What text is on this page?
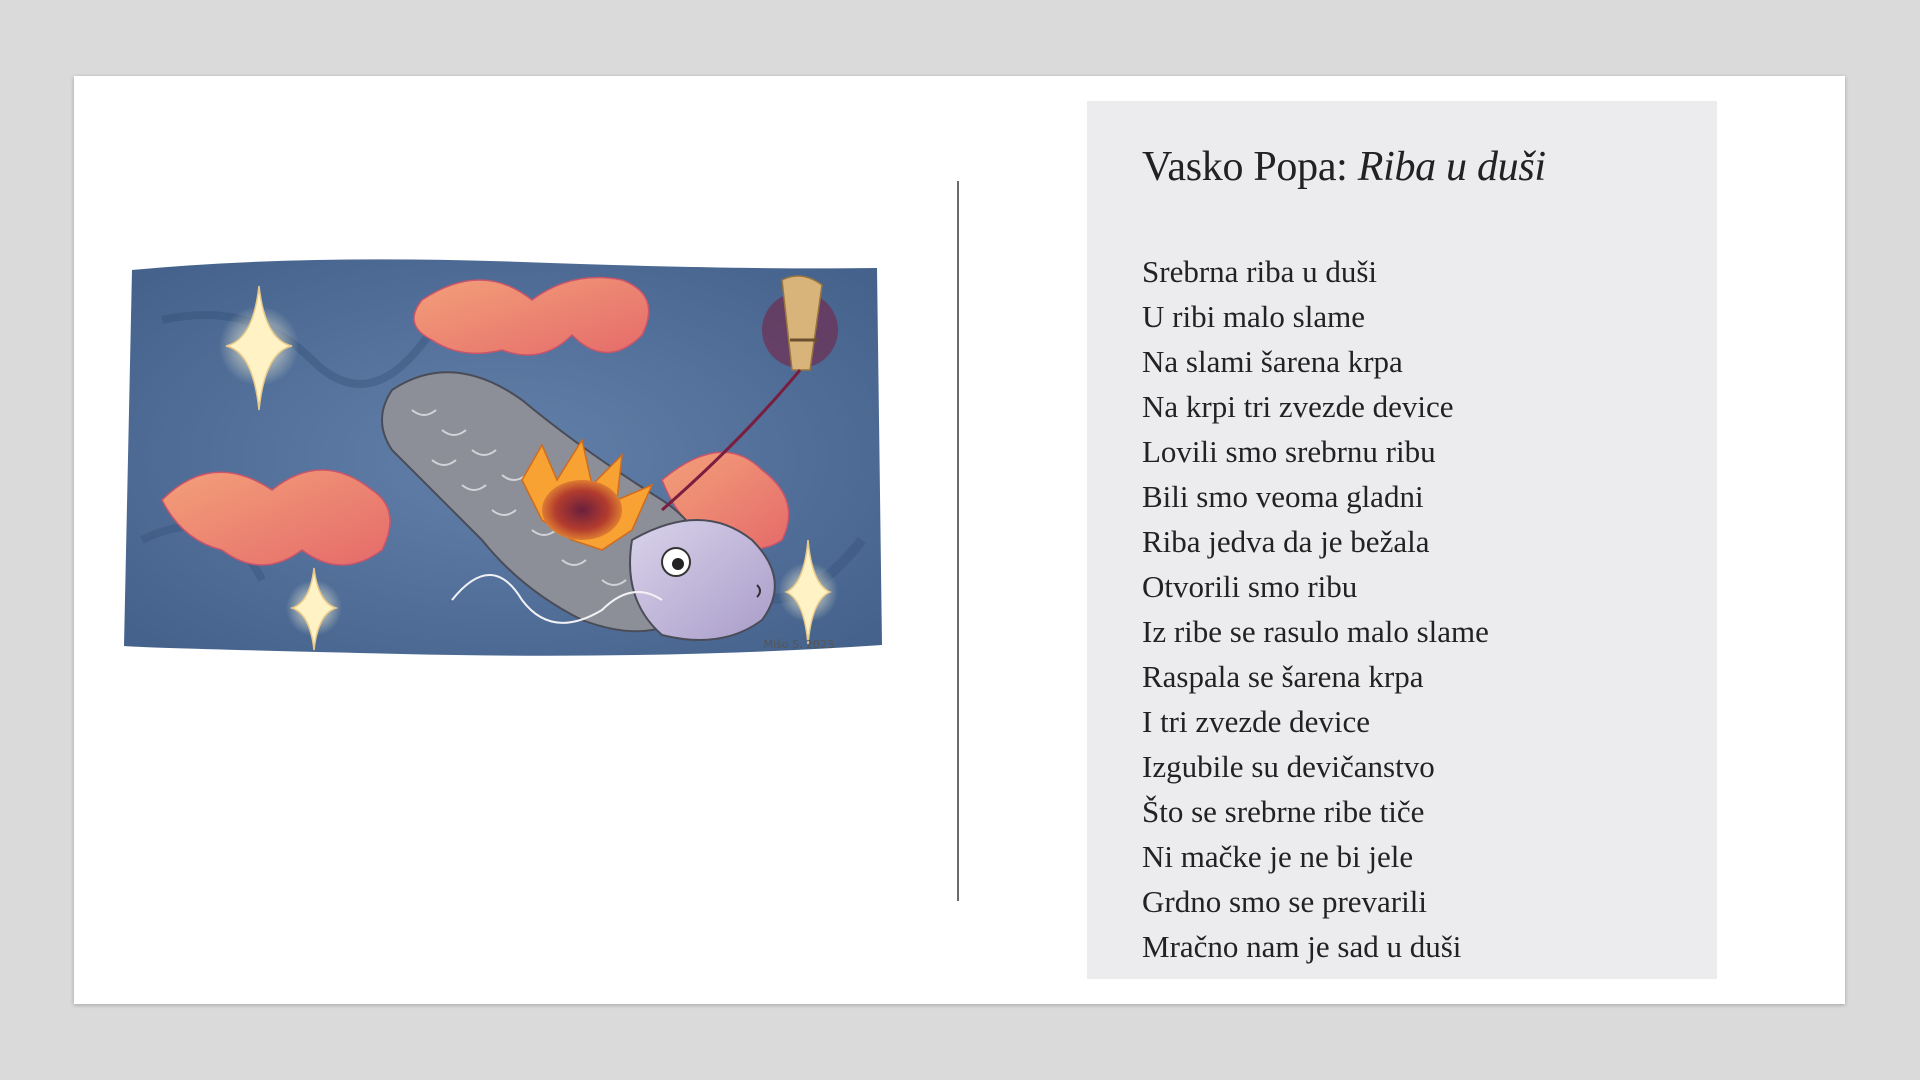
Mišo S. 2023
Vasko Popa: Riba u duši
Srebrna riba u duši
U ribi malo slame
Na slami šarena krpa
Na krpi tri zvezde device
Lovili smo srebrnu ribu
Bili smo veoma gladni
Riba jedva da je bežala
Otvorili smo ribu
Iz ribe se rasulo malo slame
Raspala se šarena krpa
I tri zvezde device
Izgubile su devičanstvo
Što se srebrne ribe tiče
Ni mačke je ne bi jele
Grdno smo se prevarili
Mračno nam je sad u duši
